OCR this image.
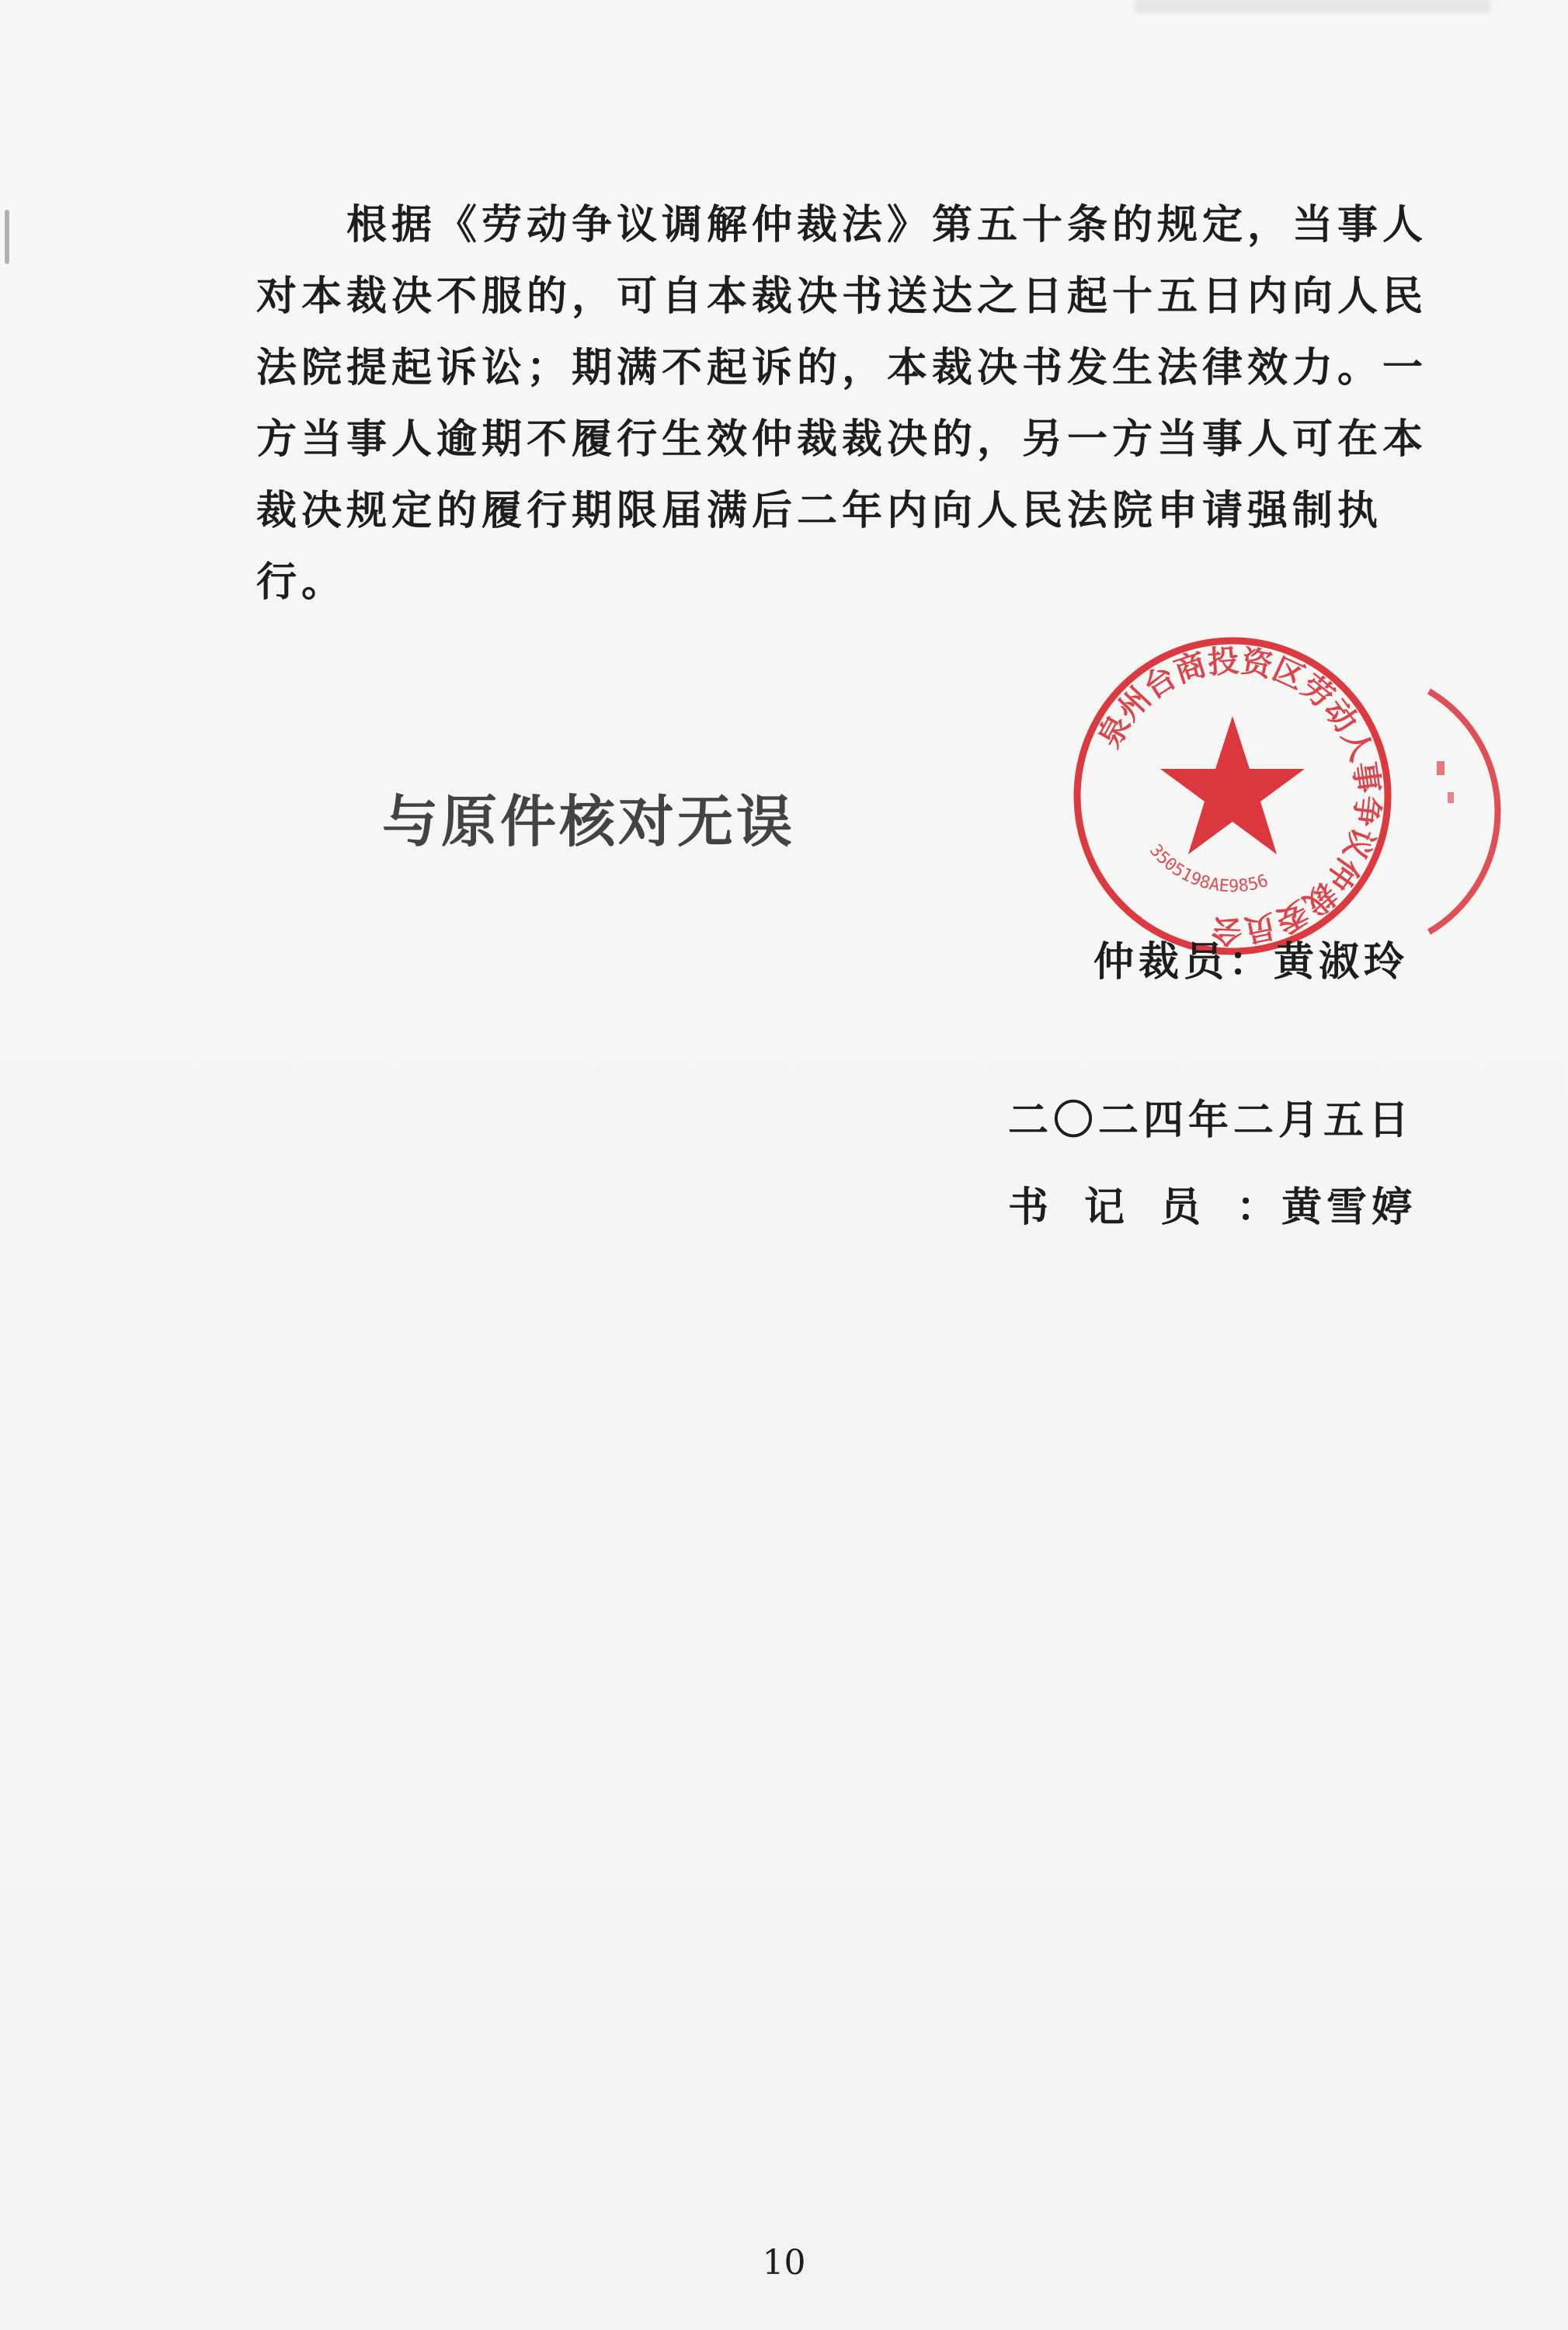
根据《劳动争议调解仲裁法》第五十条的规定，当事人
对本裁决不服的，可自本裁决书送达之日起十五日内向人民
法院提起诉讼；期满不起诉的，本裁决书发生法律效力。一
方当事人逾期不履行生效仲裁裁决的，另一方当事人可在本
裁决规定的履行期限届满后二年内向人民法院申请强制执
行。
与原件核对无误
泉州台商投资区劳动人事争议仲裁委员会
3505198AE9856
仲裁员：黄淑玲
二〇二四年二月五日
书记员：黄雪婷
10
